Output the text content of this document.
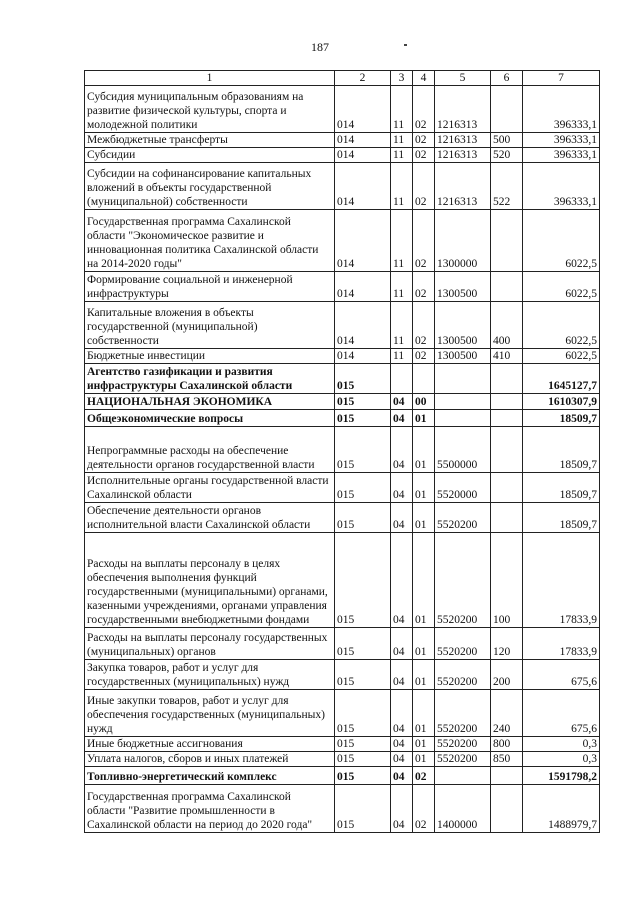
187
1	2	3	4	5	6	7
Субсидия муниципальным образованиям на развитие физической культуры, спорта и молодежной политики	014	11	02	1216313		396333,1
Межбюджетные трансферты	014	11	02	1216313	500	396333,1
Субсидии	014	11	02	1216313	520	396333,1
Субсидии на софинансирование капитальных вложений в объекты государственной (муниципальной) собственности	014	11	02	1216313	522	396333,1
Государственная программа Сахалинской области "Экономическое развитие и инновационная политика Сахалинской области на 2014-2020 годы"	014	11	02	1300000		6022,5
Формирование социальной и инженерной инфраструктуры	014	11	02	1300500		6022,5
Капитальные вложения в объекты государственной (муниципальной) собственности	014	11	02	1300500	400	6022,5
Бюджетные инвестиции	014	11	02	1300500	410	6022,5
Агентство газификации и развития инфраструктуры Сахалинской области	015					1645127,7
НАЦИОНАЛЬНАЯ ЭКОНОМИКА	015	04	00			1610307,9
Общеэкономические вопросы	015	04	01			18509,7
Непрограммные расходы на обеспечение деятельности органов государственной власти	015	04	01	5500000		18509,7
Исполнительные органы государственной власти Сахалинской области	015	04	01	5520000		18509,7
Обеспечение деятельности органов исполнительной власти Сахалинской области	015	04	01	5520200		18509,7
Расходы на выплаты персоналу в целях обеспечения выполнения функций государственными (муниципальными) органами, казенными учреждениями, органами управления государственными внебюджетными фондами	015	04	01	5520200	100	17833,9
Расходы на выплаты персоналу государственных (муниципальных) органов	015	04	01	5520200	120	17833,9
Закупка товаров, работ и услуг для государственных (муниципальных) нужд	015	04	01	5520200	200	675,6
Иные закупки товаров, работ и услуг для обеспечения государственных (муниципальных) нужд	015	04	01	5520200	240	675,6
Иные бюджетные ассигнования	015	04	01	5520200	800	0,3
Уплата налогов, сборов и иных платежей	015	04	01	5520200	850	0,3
Топливно-энергетический комплекс	015	04	02			1591798,2
Государственная программа Сахалинской области "Развитие промышленности в Сахалинской области на период до 2020 года"	015	04	02	1400000		1488979,7
